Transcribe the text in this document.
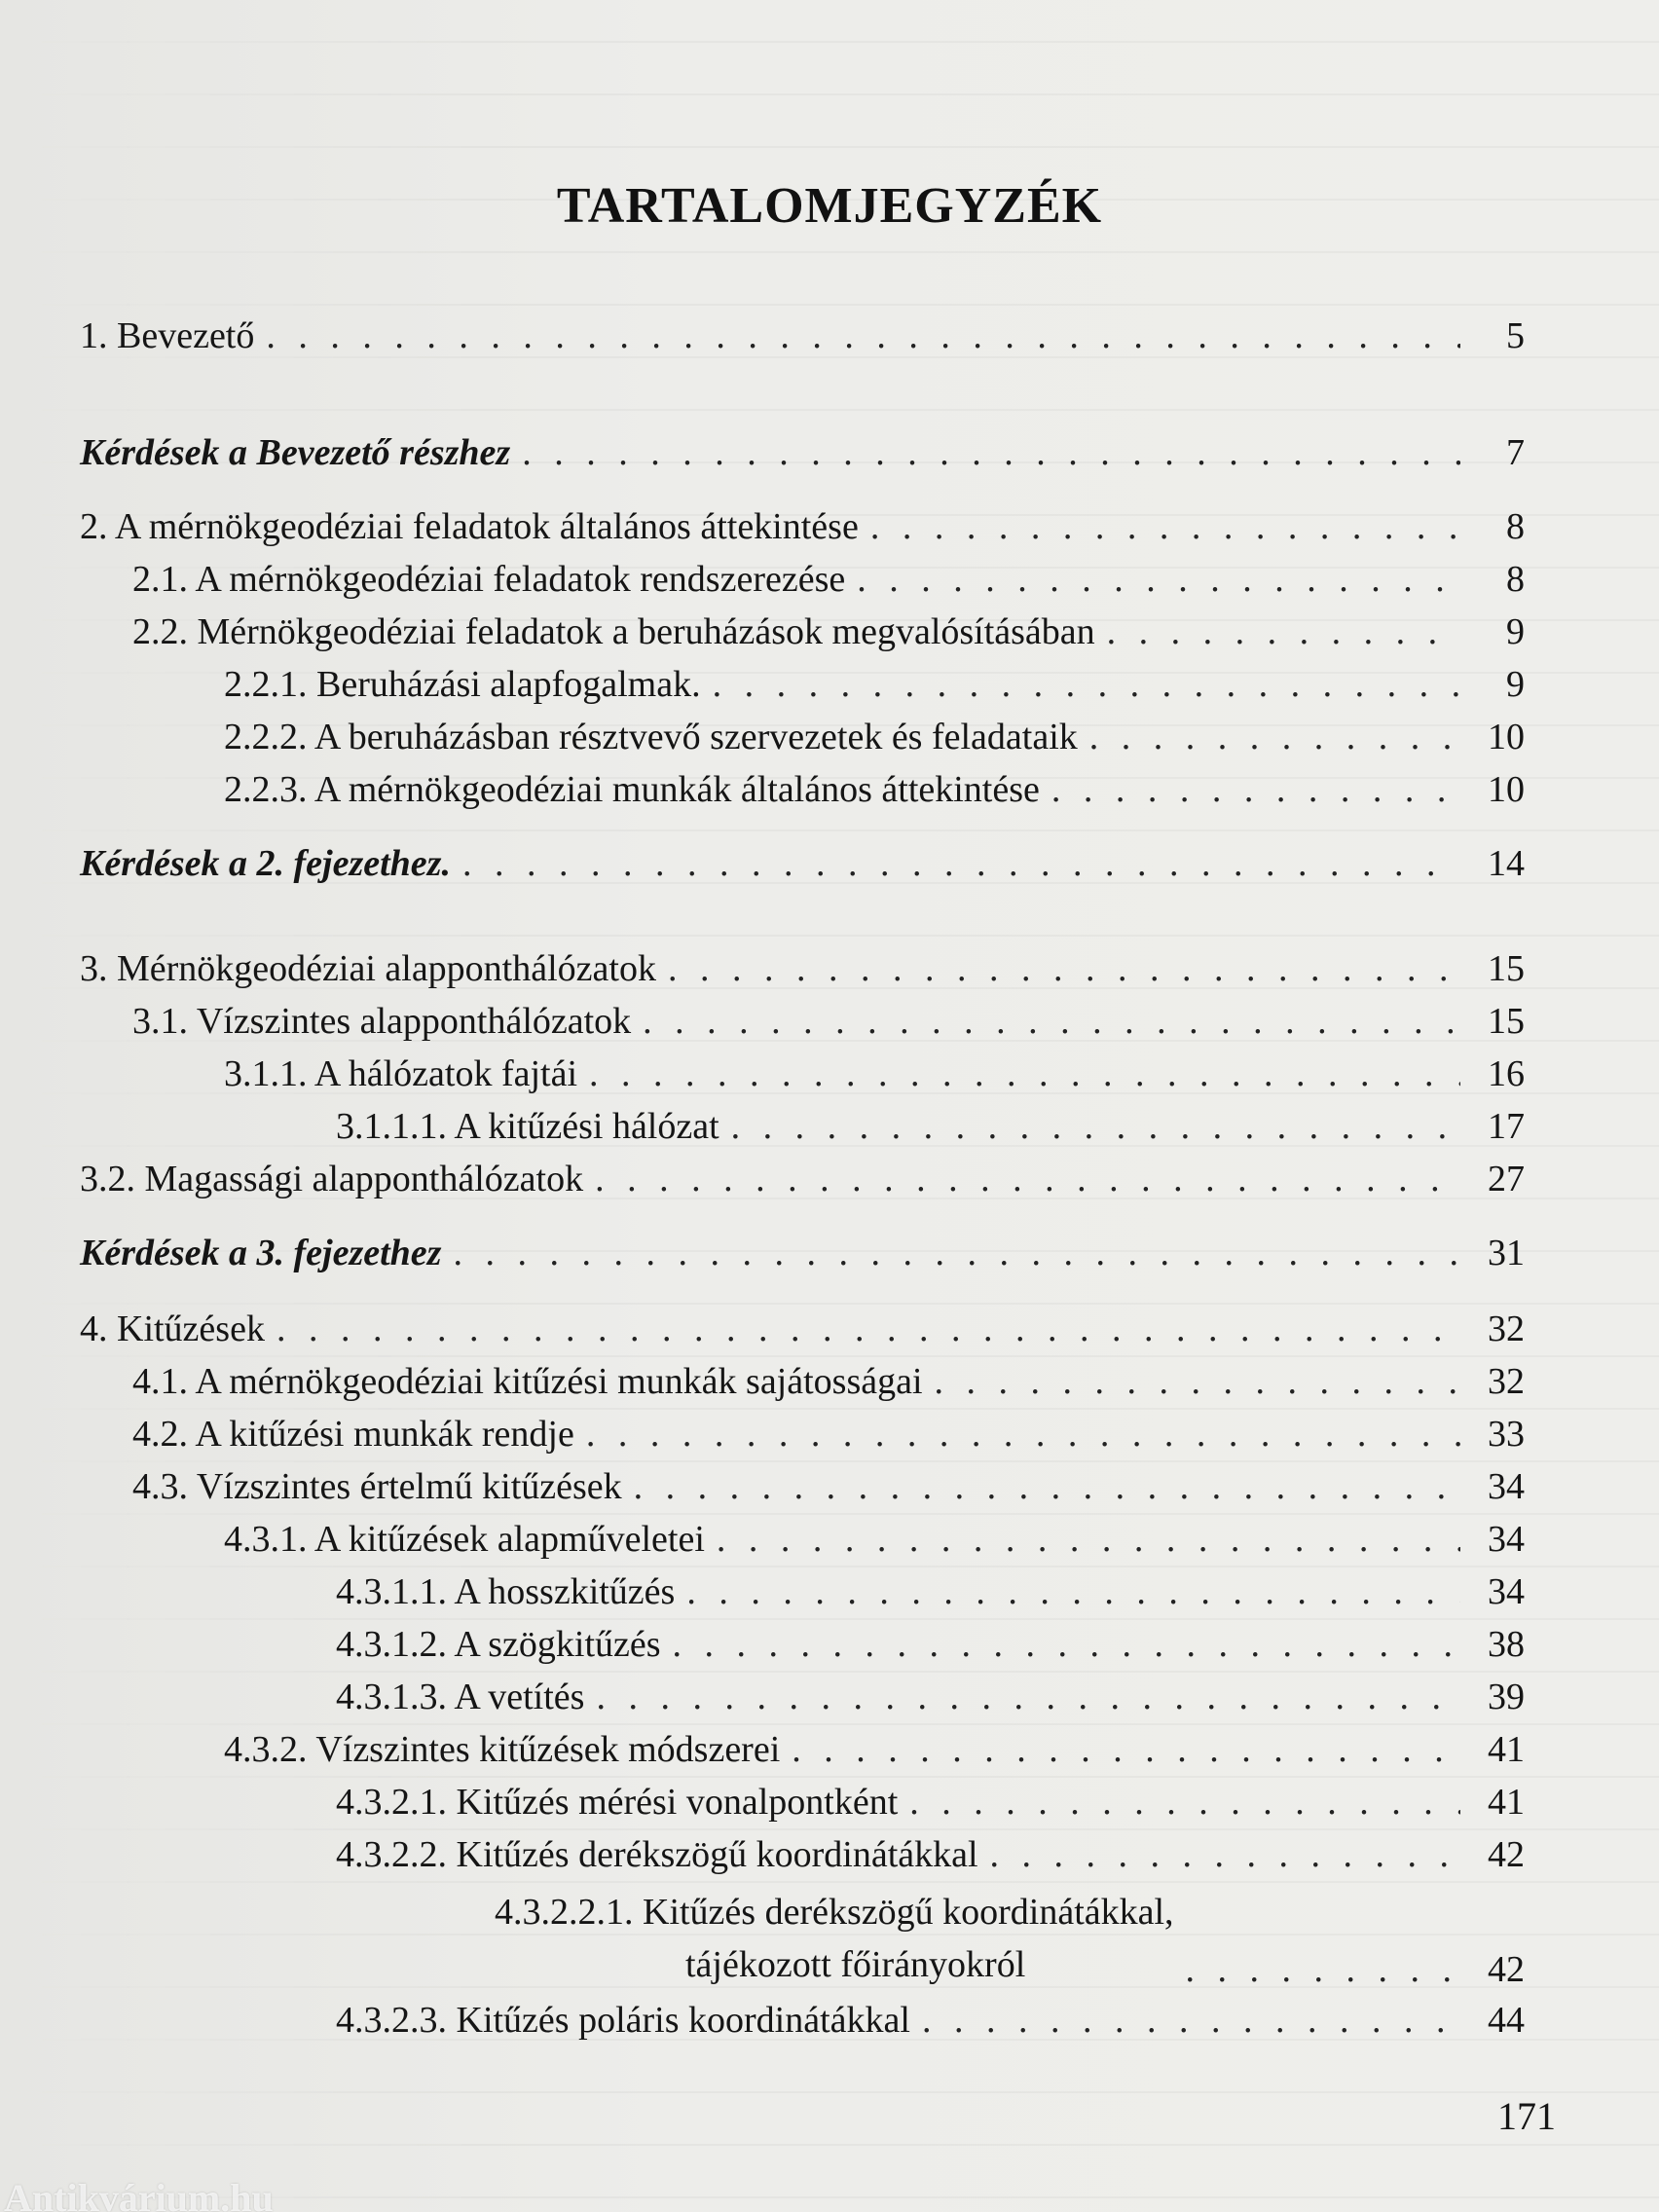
TARTALOMJEGYZÉK
1. Bevezető . . .	5
Kérdések a Bevezető részhez . . .	7
2. A mérnökgeodéziai feladatok általános áttekintése . . .	8
2.1. A mérnökgeodéziai feladatok rendszerezése . . .	8
2.2. Mérnökgeodéziai feladatok a beruházások megvalósításában . . .	9
2.2.1. Beruházási alapfogalmak. . . .	9
2.2.2. A beruházásban résztvevő szervezetek és feladataik . . .	10
2.2.3. A mérnökgeodéziai munkák általános áttekintése . . .	10
Kérdések a 2. fejezethez. . . .	14
3. Mérnökgeodéziai alapponthálózatok . . .	15
3.1. Vízszintes alapponthálózatok . . .	15
3.1.1. A hálózatok fajtái . . .	16
3.1.1.1. A kitűzési hálózat . . .	17
3.2. Magassági alapponthálózatok . . .	27
Kérdések a 3. fejezethez . . .	31
4. Kitűzések . . .	32
4.1. A mérnökgeodéziai kitűzési munkák sajátosságai . . .	32
4.2. A kitűzési munkák rendje . . .	33
4.3. Vízszintes értelmű kitűzések . . .	34
4.3.1. A kitűzések alapműveletei . . .	34
4.3.1.1. A hosszkitűzés . . .	34
4.3.1.2. A szögkitűzés . . .	38
4.3.1.3. A vetítés . . .	39
4.3.2. Vízszintes kitűzések módszerei . . .	41
4.3.2.1. Kitűzés mérési vonalpontként . . .	41
4.3.2.2. Kitűzés derékszögű koordinátákkal . . .	42
4.3.2.2.1. Kitűzés derékszögű koordinátákkal,
tájékozott főirányokról . . .	42
4.3.2.3. Kitűzés poláris koordinátákkal . . .	44

171

Antikvárium.hu
